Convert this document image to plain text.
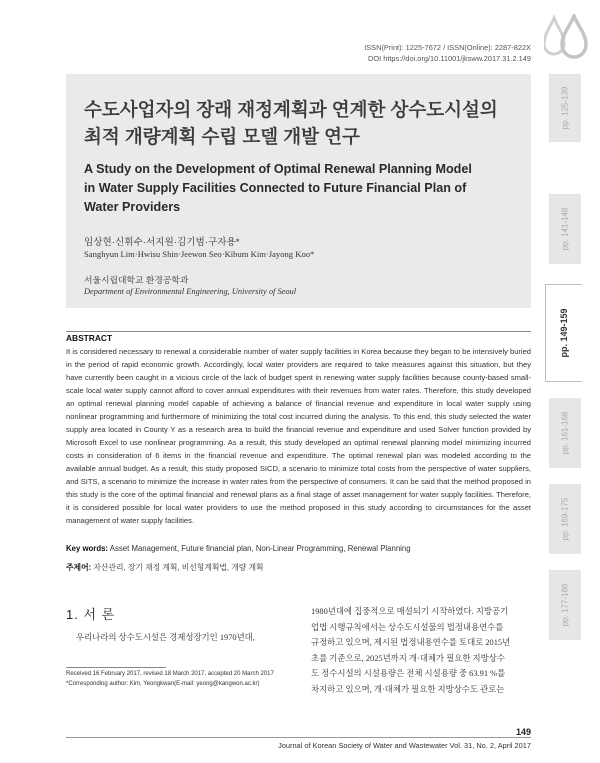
ISSN(Print): 1225-7672 / ISSN(Online): 2287-822X
DOI https://doi.org/10.11001/jksww.2017.31.2.149
수도사업자의 장래 재정계획과 연계한 상수도시설의
최적 개량계획 수립 모델 개발 연구
A Study on the Development of Optimal Renewal Planning Model
in Water Supply Facilities Connected to Future Financial Plan of
Water Providers
임상현·신휘수·서지원·김기범·구자용*
Sanghyun Lim·Hwisu Shin·Jeewon Seo·Kibum Kim·Jayong Koo*
서울시립대학교 환경공학과
Department of Environmental Engineering, University of Seoul
pp. 125-139
pp. 141-148
pp. 149-159
pp. 161-168
pp. 169-175
pp. 177-186
ABSTRACT
It is considered necessary to renewal a considerable number of water supply facilities in Korea because they began to be intensively buried in the period of rapid economic growth. Accordingly, local water providers are required to take measures against this situation, but they have currently been caught in a vicious circle of the lack of budget spent in renewing water supply facilities because county-based small-scale local water supply cannot afford to cover annual expenditures with their revenues from water rates. Therefore, this study developed an optimal renewal planning model capable of achieving a balance of financial revenue and expenditure in local water supply using nonlinear programming and furthermore of minimizing the total cost incurred during the analysis. To this end, this study selected the water supply area located in County Y as a research area to build the financial revenue and expenditure and used Solver function provided by Microsoft Excel to use nonlinear programming. As a result, this study developed an optimal renewal planning model minimizing incurred costs in consideration of 6 items in the financial revenue and expenditure. The optimal renewal plan was modeled according to the available annual budget. As a result, this study proposed SICD, a scenario to minimize total costs from the perspective of water suppliers, and SITS, a scenario to minimize the increase in water rates from the perspective of consumers. It can be said that the method proposed in this study is the core of the optimal financial and renewal plans as a final stage of asset management for water supply facilities. Therefore, it is considered possible for local water providers to use the method proposed in this study according to circumstances for the asset management of water supply facilities.
Key words: Asset Management, Future financial plan, Non-Linear Programming, Renewal Planning
주제어: 자산관리, 장기 재정 계획, 비선형계획법, 개량 계획
1. 서 론
우리나라의 상수도시설은 경제성장기인 1970년대,
1980년대에 집중적으로 매설되기 시작하였다. 지방공기
업법 시행규칙에서는 상수도시설물의 법정내용연수를
규정하고 있으며, 제시된 법정내용연수를 토대로 2015년
초를 기준으로, 2025년까지 개·대체가 필요한 지방상수
도 정수시설의 시설용량은 전체 시설용량 중 63.91 %를
차지하고 있으며, 개·대체가 필요한 지방상수도 관로는
Received 16 February 2017, revised 18 March 2017, accepted 20 March 2017
*Corresponding author: Kim, Yeongkwan(E-mail: yeong@kangwon.ac.kr)
149
Journal of Korean Society of Water and Wastewater Vol. 31, No. 2, April 2017
